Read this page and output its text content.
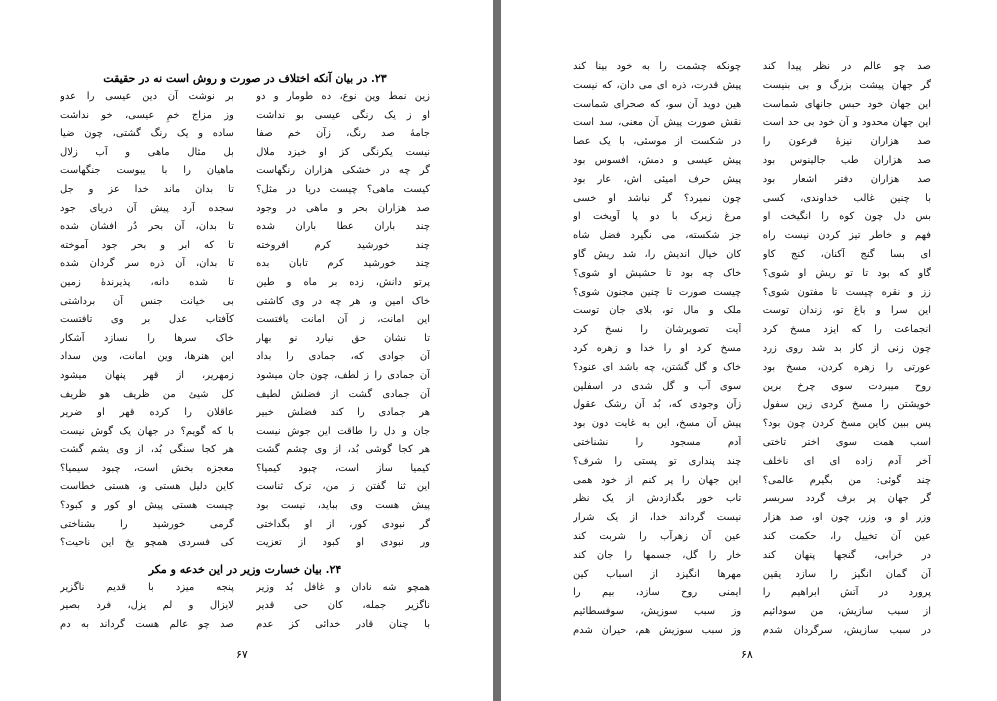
۲۳. در بیان آنکه اختلاف در صورت و روش است نه در حقیقت
زین نمط وین نوع، ده طومار و دو
بر نوشت آن دین عیسی را عدو
او ز یک رنگی عیسی بو نداشت
وز مزاج خمِ عیسی، خو نداشت
جامهٔ صد رنگ، زآن خم صفا
ساده و یک رنگ گشتی، چون ضیا
نیست یکرنگی کز او خیزد ملال
بل مثال ماهی و آب زلال
گر چه در خشکی هزاران رنگهاست
ماهیان را با یبوست جنگهاست
کیست ماهی؟ چیست دریا در مثل؟
تا بدان ماند خدا عز و جل
صد هزاران بحر و ماهی در وجود
سجده آرد پیش آن دریای جود
چند باران عطا باران شده
تا بدان، آن بحر دُر افشان شده
چند خورشید کرم افروخته
تا که ابر و بحر جود آموخته
چند خورشید کرم تابان بده
تا بدان، آن ذره سر گردان شده
پرتو دانش، زده بر ماه و طین
تا شده دانه، پذیرندهٔ زمین
خاک امین و، هر چه در وی کاشتی
بی خیانت جنس آن برداشتی
این امانت، ز آن امانت یافتست
کآفتاب عدل بر وی تافتست
تا نشان حق نیارد نو بهار
خاک سرها را نسازد آشکار
آن جوادی که، جمادی را بداد
این هنرها، وین امانت، وین سداد
آن جمادی را ز لطف، چون جان میشود
زمهریر، از قهر پنهان میشود
آن جمادی گشت از فضلش لطیف
کل شیئ من ظریف هو ظریف
هر جمادی را کند فضلش خبیر
عاقلان را کرده قهر او ضریر
جان و دل را طاقت این جوش نیست
با که گویم؟ در جهان یک گوش نیست
هر کجا گوشی بُد، از وی چشم گشت
هر کجا سنگی بُد، از وی یشم گشت
کیمیا ساز است، چبود کیمیا؟
معجزه بخش است، چبود سیمیا؟
این ثنا گفتن ز من، ترک ثناست
کاین دلیل هستی و، هستی خطاست
پیش هست وی بباید، نیست بود
چیست هستی پیش او کور و کبود؟
گر نبودی کور، از او بگداختی
گرمی خورشید را بشناختی
ور نبودی او کبود از تعزیت
کی فسردی همچو یخ این ناحیت؟
۲۴. بیان خسارت وزیر در این خدعه و مکر
همچو شه نادان و غافل بُد وزیر
پنجه میزد با قدیم ناگزیر
ناگزیر جمله، کان حی قدیر
لایزال و لم یزل، فرد بصیر
با چنان قادر خدائی کز عدم
صد چو عالم هست گرداند به دم
۶۷
صد چو عالم در نظر پیدا کند
چونکه چشمت را به خود بینا کند
گر جهان پیشت بزرگ و بی بنیست
پیش قدرت، ذره ای می دان، که نیست
این جهان خود حبس جانهای شماست
هین دوید آن سو، که صحرای شماست
این جهان محدود و آن خود بی حد است
نقش صورت پیش آن معنی، سد است
صد هزاران نیزهٔ فرعون را
در شکست از موسئی، با یک عصا
صد هزاران طب جالینوس بود
پیش عیسی و دمش، افسوس بود
صد هزاران دفتر اشعار بود
پیش حرف امیئی اش، عار بود
با چنین غالب خداوندی، کسی
چون نمیرد؟ گر نباشد او خسی
بس دل چون کوه را انگیخت او
مرغ زیرک با دو پا آویخت او
فهم و خاطر تیز کردن نیست راه
جز شکسته، می نگیرد فضل شاه
ای بسا گنج آکنان، کنج کاو
کان خیال اندیش را، شد ریش گاو
گاو که بود تا تو ریش او شوی؟
خاک چه بود تا حشیش او شوی؟
زز و نقره چیست تا مفتون شوی؟
چیست صورت تا چنین مجنون شوی؟
این سرا و باغ تو، زندان توست
ملک و مال تو، بلای جان توست
انجماعت را که ایزد مسخ کرد
آیت تصویرشان را نسخ کرد
چون زنی از کار بد شد روی زرد
مسخ کرد او را خدا و زهره کرد
عورتی را زهره کردن، مسخ بود
خاک و گل گشتن، چه باشد ای عنود؟
روح میبردت سوی چرخ برین
سوی آب و گل شدی در اسفلین
خویشتن را مسخ کردی زین سفول
زآن وجودی که، بُد آن رشک عقول
پس ببین کاین مسخ کردن چون بود؟
پیش آن مسخ، این به غایت دون بود
اسب همت سوی اختر تاختی
آدم مسجود را نشناختی
آخر آدم زاده ای ای ناخلف
چند پنداری تو پستی را شرف؟
چند گوئی: من بگیرم عالمی؟
این جهان را پر کنم از خود همی
گر جهان پر برف گردد سربسر
تاب خور بگدازدش از یک نظر
وزر او و، وزر، چون او، صد هزار
نیست گرداند خدا، از یک شرار
عین آن تخییل را، حکمت کند
عین آن زهرآب را شربت کند
در خرابی، گنجها پنهان کند
خار را گل، جسمها را جان کند
آن گمان انگیز را سازد یقین
مهرها انگیزد از اسباب کین
پرورد در آتش ابراهیم را
ایمنی روح سازد، بیم را
از سبب سازیش، من سودائیم
وز سبب سوزیش، سوفسطائیم
در سبب سازیش، سرگردان شدم
وز سبب سوزیش هم، حیران شدم
۶۸
